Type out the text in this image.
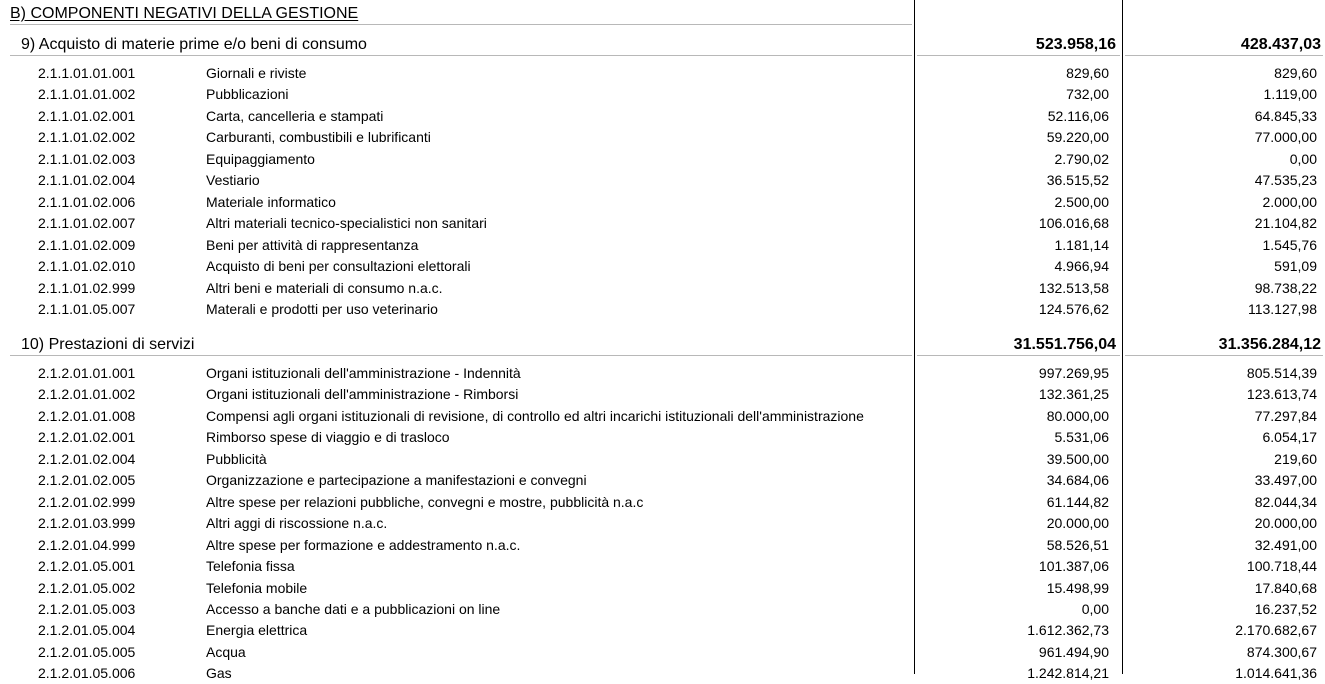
B) COMPONENTI NEGATIVI DELLA GESTIONE
9) Acquisto di materie prime e/o beni di consumo	523.958,16	428.437,03
2.1.1.01.01.001	Giornali e riviste	829,60	829,60
2.1.1.01.01.002	Pubblicazioni	732,00	1.119,00
2.1.1.01.02.001	Carta, cancelleria e stampati	52.116,06	64.845,33
2.1.1.01.02.002	Carburanti, combustibili e lubrificanti	59.220,00	77.000,00
2.1.1.01.02.003	Equipaggiamento	2.790,02	0,00
2.1.1.01.02.004	Vestiario	36.515,52	47.535,23
2.1.1.01.02.006	Materiale informatico	2.500,00	2.000,00
2.1.1.01.02.007	Altri materiali tecnico-specialistici non sanitari	106.016,68	21.104,82
2.1.1.01.02.009	Beni per attività di rappresentanza	1.181,14	1.545,76
2.1.1.01.02.010	Acquisto di beni per consultazioni elettorali	4.966,94	591,09
2.1.1.01.02.999	Altri beni e materiali di consumo n.a.c.	132.513,58	98.738,22
2.1.1.01.05.007	Materali e prodotti per uso veterinario	124.576,62	113.127,98
10) Prestazioni di servizi	31.551.756,04	31.356.284,12
2.1.2.01.01.001	Organi istituzionali dell'amministrazione - Indennità	997.269,95	805.514,39
2.1.2.01.01.002	Organi istituzionali dell'amministrazione - Rimborsi	132.361,25	123.613,74
2.1.2.01.01.008	Compensi agli organi istituzionali di revisione, di controllo ed altri incarichi istituzionali dell'amministrazione	80.000,00	77.297,84
2.1.2.01.02.001	Rimborso spese di viaggio e di trasloco	5.531,06	6.054,17
2.1.2.01.02.004	Pubblicità	39.500,00	219,60
2.1.2.01.02.005	Organizzazione e partecipazione a manifestazioni e convegni	34.684,06	33.497,00
2.1.2.01.02.999	Altre spese per relazioni pubbliche, convegni e mostre, pubblicità n.a.c	61.144,82	82.044,34
2.1.2.01.03.999	Altri aggi di riscossione n.a.c.	20.000,00	20.000,00
2.1.2.01.04.999	Altre spese per formazione e addestramento n.a.c.	58.526,51	32.491,00
2.1.2.01.05.001	Telefonia fissa	101.387,06	100.718,44
2.1.2.01.05.002	Telefonia mobile	15.498,99	17.840,68
2.1.2.01.05.003	Accesso a banche dati e a pubblicazioni on line	0,00	16.237,52
2.1.2.01.05.004	Energia elettrica	1.612.362,73	2.170.682,67
2.1.2.01.05.005	Acqua	961.494,90	874.300,67
2.1.2.01.05.006	Gas	1.242.814,21	1.014.641,36
